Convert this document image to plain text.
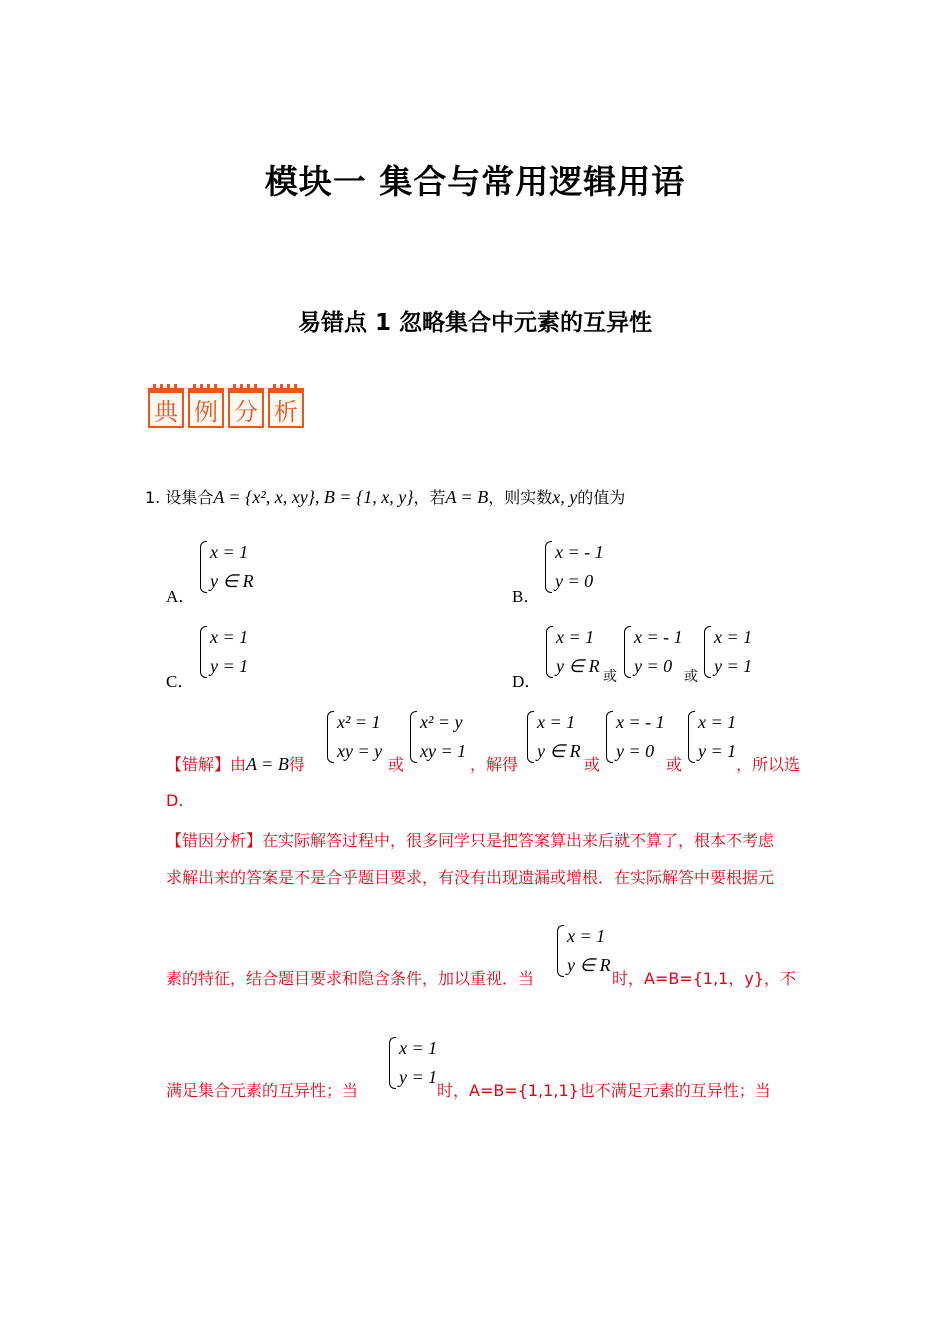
模块一 集合与常用逻辑用语
易错点 1 忽略集合中元素的互异性
典 例 分 析
1. 设集合A = {x², x, xy}, B = {1, x, y}，若A = B，则实数x, y的值为
A．
x = 1
y ∈ R
B．
x = - 1
y = 0
C．
x = 1
y = 1
D．
x = 1
y ∈ R
或
x = - 1
y = 0
或
x = 1
y = 1
【错解】由A = B得
x² = 1
xy = y
或
x² = y
xy = 1
，解得
x = 1
y ∈ R
或
x = - 1
y = 0
或
x = 1
y = 1
，所以选
D.
【错因分析】在实际解答过程中，很多同学只是把答案算出来后就不算了，根本不考虑
求解出来的答案是不是合乎题目要求，有没有出现遗漏或增根．在实际解答中要根据元
素的特征，结合题目要求和隐含条件，加以重视．当
x = 1
y ∈ R
时，A=B={1,1，y}，不
满足集合元素的互异性；当
x = 1
y = 1
时，A=B={1,1,1}也不满足元素的互异性；当
